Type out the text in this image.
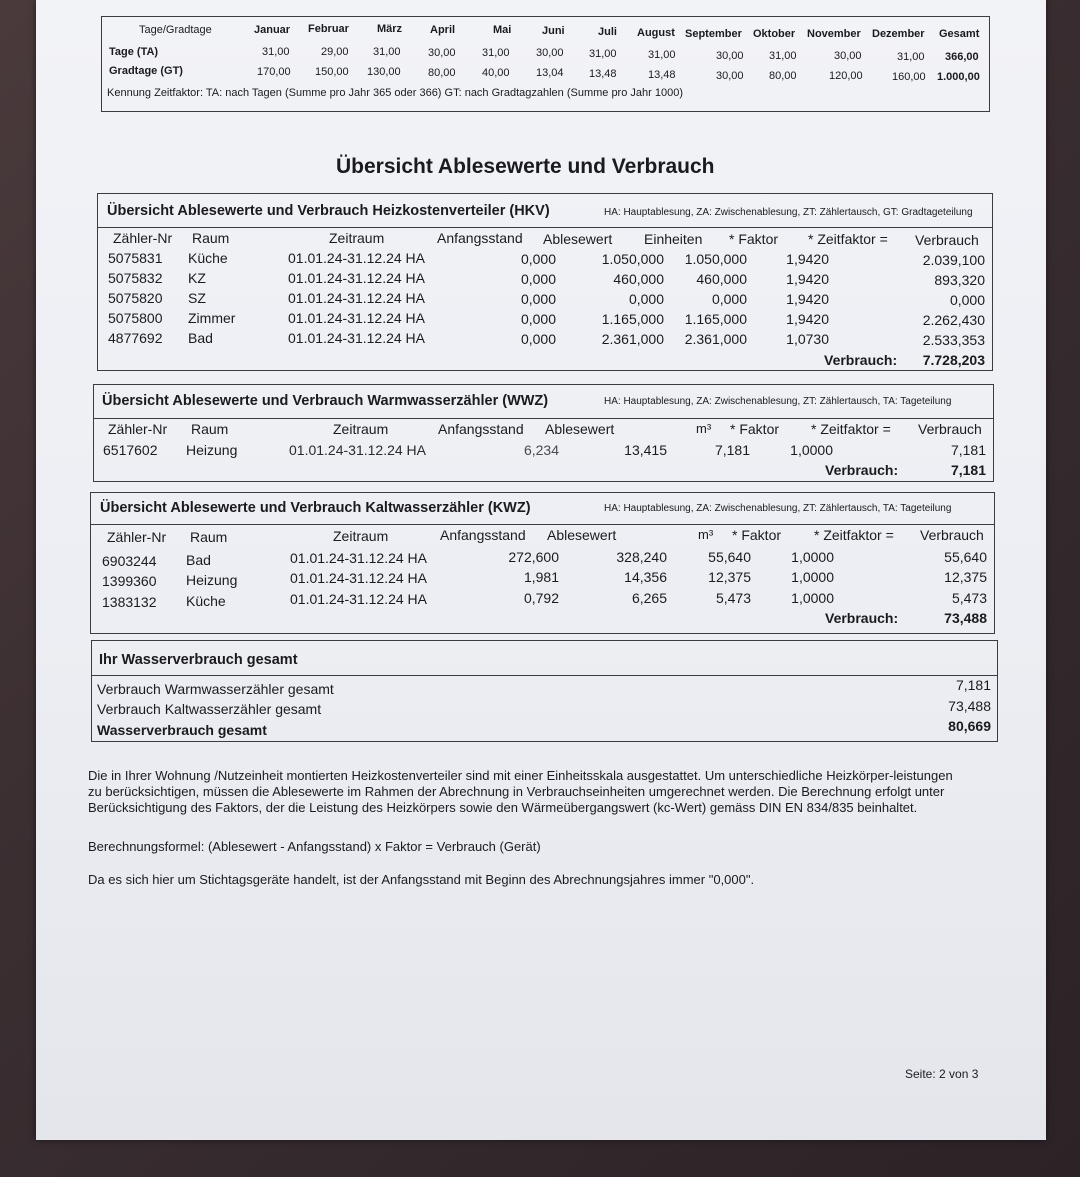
Tage/Gradtage	Januar Februar	März	April	Mai	Juni	Juli August September Oktober November Dezember Gesamt
Tage (TA)	31,00	29,00 31,00 30,00 31,00 30,00 31,00	31,00	30,00 31,00	30,00	31,00 366,00
Gradtage (GT)	170,00 150,00 130,00 80,00 40,00 13,04 13,48	13,48	30,00 80,00	120,00	160,00 1.000,00
Kennung Zeitfaktor: TA: nach Tagen (Summe pro Jahr 365 oder 366) GT: nach Gradtagzahlen (Summe pro Jahr 1000)
Übersicht Ablesewerte und Verbrauch
Übersicht Ablesewerte und Verbrauch Heizkostenverteiler (HKV)	HA: Hauptablesung, ZA: Zwischenablesung, ZT: Zählertausch, GT: Gradtageteilung
Zähler-Nr Raum	Zeitraum	Anfangsstand Ablesewert Einheiten * Faktor * Zeitfaktor = Verbrauch
5075831 Küche	01.01.24-31.12.24 HA	0,000	1.050,000 1.050,000	1,9420	2.039,100
5075832 KZ	01.01.24-31.12.24 HA	0,000	460,000 460,000	1,9420	893,320
5075820 SZ	01.01.24-31.12.24 HA	0,000	0,000	0,000	1,9420	0,000
5075800 Zimmer	01.01.24-31.12.24 HA	0,000	1.165,000 1.165,000	1,9420	2.262,430
4877692 Bad	01.01.24-31.12.24 HA	0,000	2.361,000 2.361,000	1,0730	2.533,353
Verbrauch: 7.728,203
Übersicht Ablesewerte und Verbrauch Warmwasserzähler (WWZ)	HA: Hauptablesung, ZA: Zwischenablesung, ZT: Zählertausch, TA: Tageteilung
Zähler-Nr Raum	Zeitraum	Anfangsstand Ablesewert	m³ * Faktor * Zeitfaktor = Verbrauch
6517602 Heizung	01.01.24-31.12.24 HA	6,234	13,415	7,181	1,0000	7,181
Verbrauch:	7,181
Übersicht Ablesewerte und Verbrauch Kaltwasserzähler (KWZ)	HA: Hauptablesung, ZA: Zwischenablesung, ZT: Zählertausch, TA: Tageteilung
Zähler-Nr Raum	Zeitraum	Anfangsstand Ablesewert	m³ * Faktor * Zeitfaktor = Verbrauch
6903244 Bad	01.01.24-31.12.24 HA	272,600	328,240	55,640	1,0000	55,640
1399360 Heizung	01.01.24-31.12.24 HA	1,981	14,356	12,375	1,0000	12,375
1383132 Küche	01.01.24-31.12.24 HA	0,792	6,265	5,473	1,0000	5,473
Verbrauch:	73,488
Ihr Wasserverbrauch gesamt
Verbrauch Warmwasserzähler gesamt	7,181
Verbrauch Kaltwasserzähler gesamt	73,488
Wasserverbrauch gesamt	80,669
Die in Ihrer Wohnung /Nutzeinheit montierten Heizkostenverteiler sind mit einer Einheitsskala ausgestattet. Um unterschiedliche Heizkörper-leistungen zu berücksichtigen, müssen die Ablesewerte im Rahmen der Abrechnung in Verbrauchseinheiten umgerechnet werden. Die Berechnung erfolgt unter Berücksichtigung des Faktors, der die Leistung des Heizkörpers sowie den Wärmeübergangswert (kc-Wert) gemäss DIN EN 834/835 beinhaltet.
Berechnungsformel: (Ablesewert - Anfangsstand) x Faktor = Verbrauch (Gerät)
Da es sich hier um Stichtagsgeräte handelt, ist der Anfangsstand mit Beginn des Abrechnungsjahres immer "0,000".
Seite: 2 von 3
